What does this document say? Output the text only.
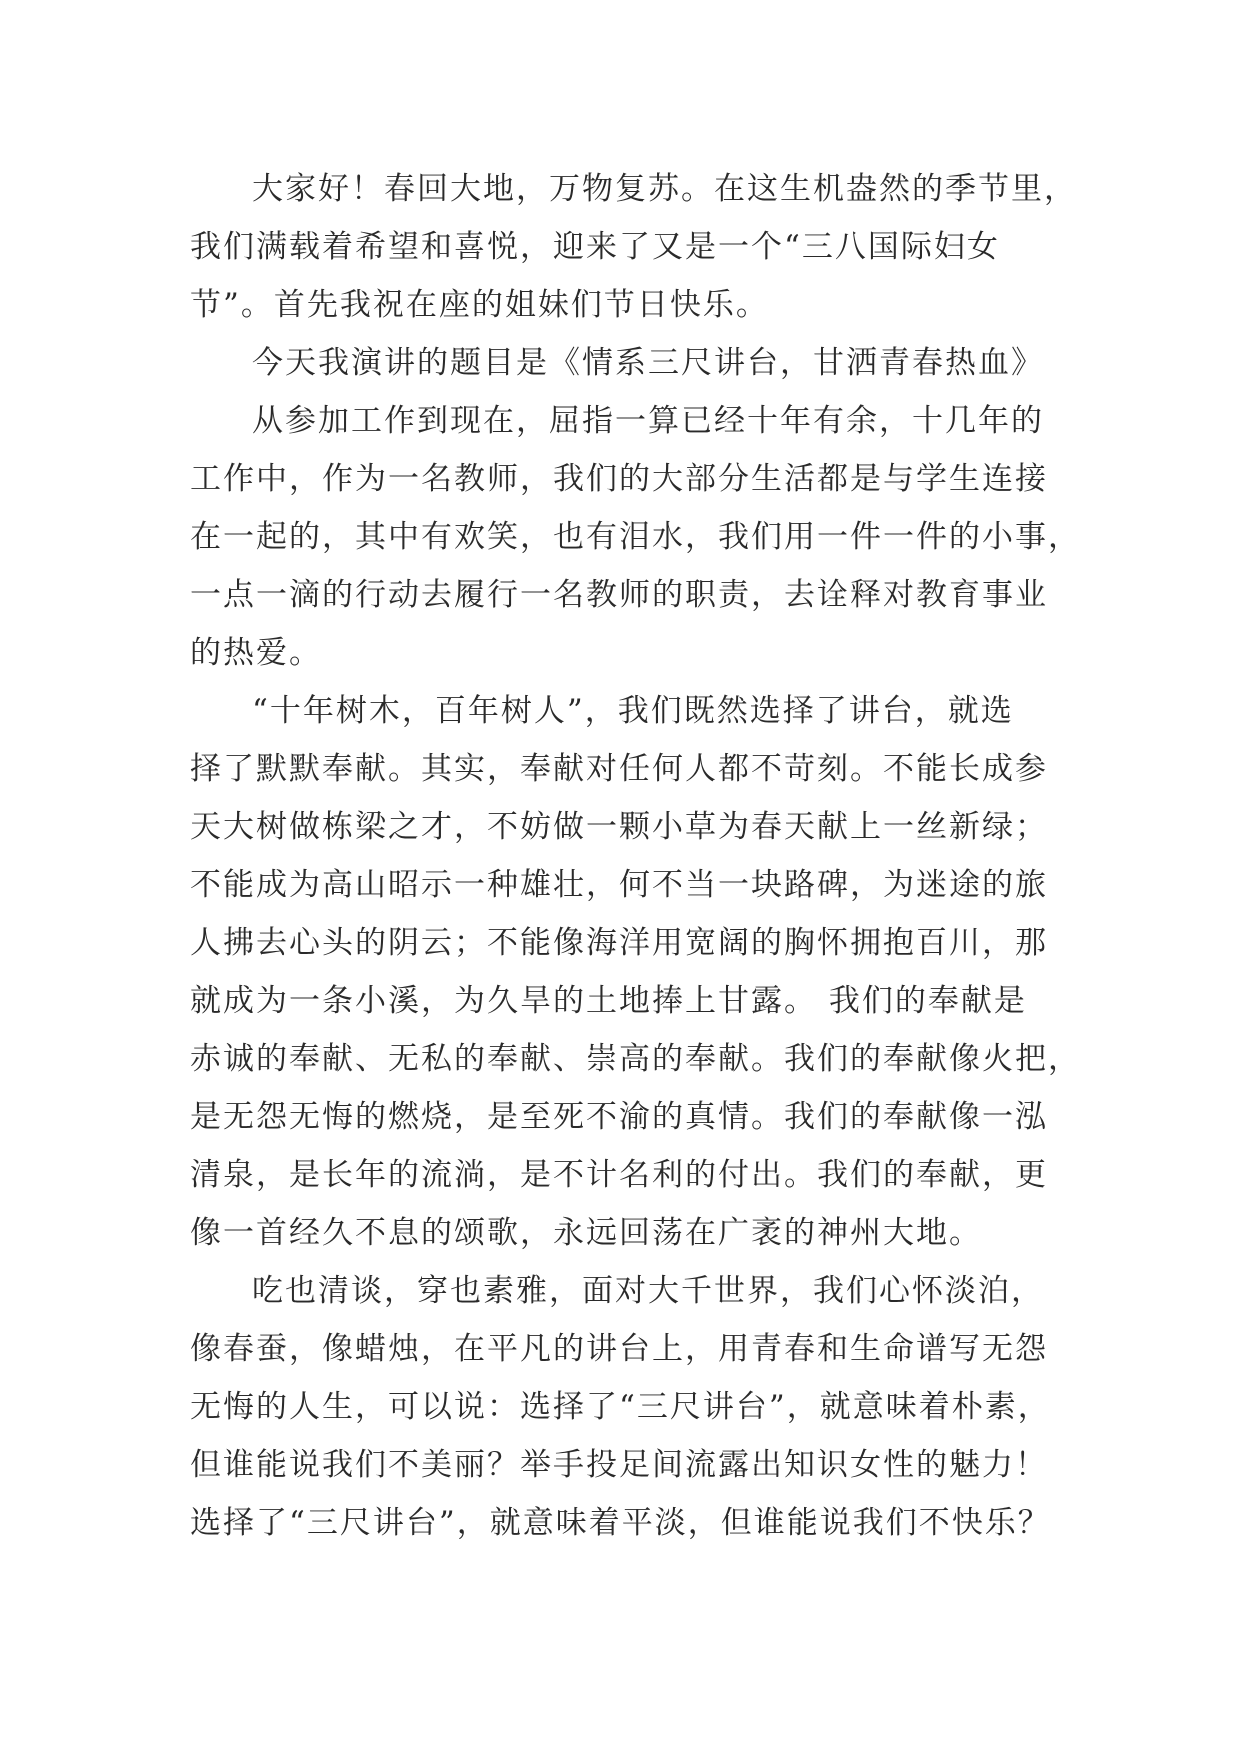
大家好！春回大地，万物复苏。在这生机盎然的季节里，
我们满载着希望和喜悦，迎来了又是一个“三八国际妇女
节”。首先我祝在座的姐妹们节日快乐。
今天我演讲的题目是《情系三尺讲台，甘洒青春热血》
从参加工作到现在，屈指一算已经十年有余，十几年的
工作中，作为一名教师，我们的大部分生活都是与学生连接
在一起的，其中有欢笑，也有泪水，我们用一件一件的小事，
一点一滴的行动去履行一名教师的职责，去诠释对教育事业
的热爱。
“十年树木，百年树人”，我们既然选择了讲台，就选
择了默默奉献。其实，奉献对任何人都不苛刻。不能长成参
天大树做栋梁之才，不妨做一颗小草为春天献上一丝新绿；
不能成为高山昭示一种雄壮，何不当一块路碑，为迷途的旅
人拂去心头的阴云；不能像海洋用宽阔的胸怀拥抱百川，那
就成为一条小溪，为久旱的土地捧上甘露。 我们的奉献是
赤诚的奉献、无私的奉献、崇高的奉献。我们的奉献像火把，
是无怨无悔的燃烧，是至死不渝的真情。我们的奉献像一泓
清泉，是长年的流淌，是不计名利的付出。我们的奉献，更
像一首经久不息的颂歌，永远回荡在广袤的神州大地。
吃也清谈，穿也素雅，面对大千世界，我们心怀淡泊，
像春蚕，像蜡烛，在平凡的讲台上，用青春和生命谱写无怨
无悔的人生，可以说：选择了“三尺讲台”，就意味着朴素，
但谁能说我们不美丽？举手投足间流露出知识女性的魅力！
选择了“三尺讲台”，就意味着平淡，但谁能说我们不快乐？
